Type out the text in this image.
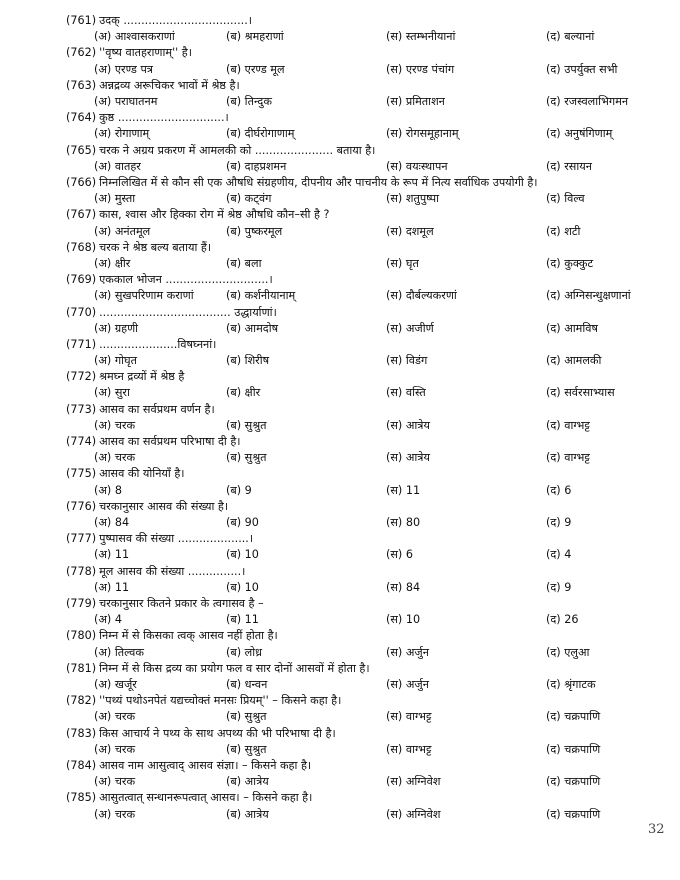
(761) उदक् ...................................।
(अ) आश्वासकराणां	(ब) श्रमहराणां	(स) स्तम्भनीयानां	(द) बल्यानां
(762) ''वृष्य वातहराणाम्'' है।
(अ) एरण्ड पत्र	(ब) एरण्ड मूल	(स) एरण्ड पंचांग	(द) उपर्युक्त सभी
(763) अन्नद्रव्य अरूचिकर भावों में श्रेष्ठ है।
(अ) पराघातनम	(ब) तिन्दुक	(स) प्रमिताशन	(द) रजस्वलाभिगमन
(764) कुष्ठ ..............................।
(अ) रोगाणाम्	(ब) दीर्घरोगाणाम्	(स) रोगसमूहानाम्	(द) अनुषंगिणाम्
(765) चरक ने अग्रय प्रकरण में आमलकी को ...................... बताया है।
(अ) वातहर	(ब) दाहप्रशमन	(स) वयःस्थापन	(द) रसायन
(766) निम्नलिखित में से कौन सी एक औषधि संग्रहणीय, दीपनीय और पाचनीय के रूप में नित्य सर्वाधिक उपयोगी है।
(अ) मुस्ता	(ब) कट्वंग	(स) शतुपुष्पा	(द) विल्व
(767) कास, श्वास और हिक्का रोग में श्रेष्ठ औषधि कौन–सी है ?
(अ) अनंतमूल	(ब) पुष्करमूल	(स) दशमूल	(द) शटी
(768) चरक ने श्रेष्ठ बल्य बताया हैं।
(अ) क्षीर	(ब) बला	(स) घृत	(द) कुक्कुट
(769) एककाल भोजन .............................।
(अ) सुखपरिणाम कराणां	(ब) कर्शनीयानाम्	(स) दौर्बल्यकरणां	(द) अग्निसन्धुक्षणानां
(770) ..................................... उद्धार्याणां।
(अ) ग्रहणी	(ब) आमदोष	(स) अजीर्ण	(द) आमविष
(771) ......................विषघ्ननां।
(अ) गोघृत	(ब) शिरीष	(स) विडंग	(द) आमलकी
(772) श्रमघ्न द्रव्यों में श्रेष्ठ है
(अ) सुरा	(ब) क्षीर	(स) वस्ति	(द) सर्वरसाभ्यास
(773) आसव का सर्वप्रथम वर्णन है।
(अ) चरक	(ब) सुश्रुत	(स) आत्रेय	(द) वाग्भट्ट
(774) आसव का सर्वप्रथम परिभाषा दी है।
(अ) चरक	(ब) सुश्रुत	(स) आत्रेय	(द) वाग्भट्ट
(775) आसव की योनियाँ है।
(अ) 8	(ब) 9	(स) 11	(द) 6
(776) चरकानुसार आसव की संख्या है।
(अ) 84	(ब) 90	(स) 80	(द) 9
(777) पुष्पासव की संख्या ....................।
(अ) 11	(ब) 10	(स) 6	(द) 4
(778) मूल आसव की संख्या ...............।
(अ) 11	(ब) 10	(स) 84	(द) 9
(779) चरकानुसार कितने प्रकार के त्वगासव है –
(अ) 4	(ब) 11	(स) 10	(द) 26
(780) निम्न में से किसका त्वक् आसव नहीं होता है।
(अ) तिल्वक	(ब) लोध्र	(स) अर्जुन	(द) एलुआ
(781) निम्न में से किस द्रव्य का प्रयोग फल व सार दोनों आसवों में होता है।
(अ) खर्जूर	(ब) धन्वन	(स) अर्जुन	(द) श्रृंगाटक
(782) ''पथ्यं पथोऽनपेतं यद्यच्चोक्तं मनसः प्रियम्'' – किसने कहा है।
(अ) चरक	(ब) सुश्रुत	(स) वाग्भट्ट	(द) चक्रपाणि
(783) किस आचार्य ने पथ्य के साथ अपथ्य की भी परिभाषा दी है।
(अ) चरक	(ब) सुश्रुत	(स) वाग्भट्ट	(द) चक्रपाणि
(784) आसव नाम आसुत्वाद् आसव संज्ञा। – किसने कहा है।
(अ) चरक	(ब) आत्रेय	(स) अग्निवेश	(द) चक्रपाणि
(785) आसुतत्वात् सन्धानरूपत्वात् आसव। – किसने कहा है।
(अ) चरक	(ब) आत्रेय	(स) अग्निवेश	(द) चक्रपाणि
32
